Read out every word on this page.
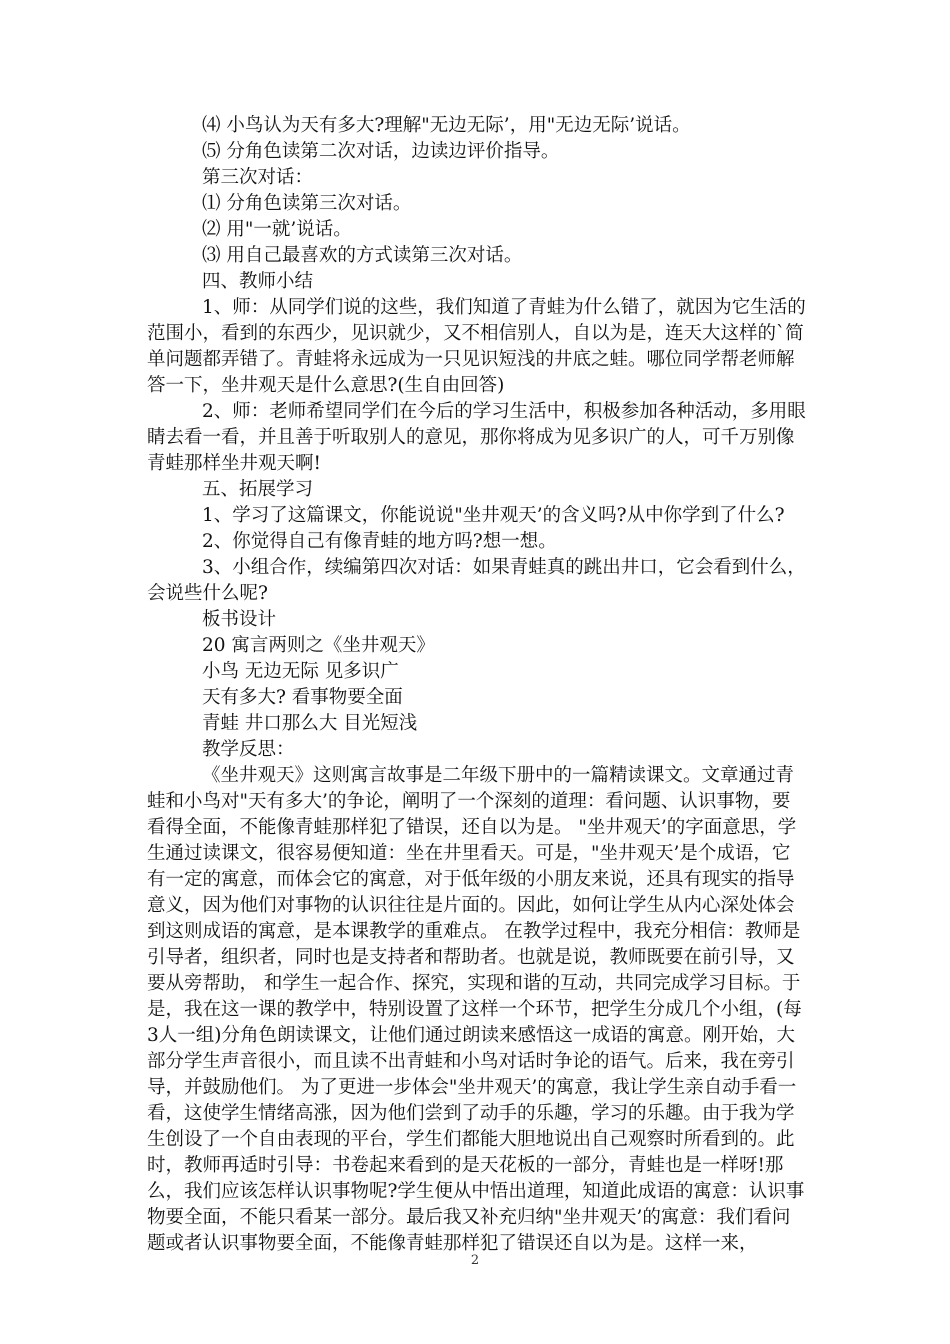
⑷ 小鸟认为天有多大?理解"无边无际’，用"无边无际’说话。

⑸ 分角色读第二次对话，边读边评价指导。

第三次对话：

⑴ 分角色读第三次对话。

⑵ 用"一就’说话。

⑶ 用自己最喜欢的方式读第三次对话。

四、教师小结

1、师：从同学们说的这些，我们知道了青蛙为什么错了，就因为它生活的范围小，看到的东西少，见识就少，又不相信别人，自以为是，连天大这样的`简单问题都弄错了。青蛙将永远成为一只见识短浅的井底之蛙。哪位同学帮老师解答一下，坐井观天是什么意思?(生自由回答)

2、师：老师希望同学们在今后的学习生活中，积极参加各种活动，多用眼睛去看一看，并且善于听取别人的意见，那你将成为见多识广的人，可千万别像青蛙那样坐井观天啊!

五、拓展学习

1、学习了这篇课文，你能说说"坐井观天’的含义吗?从中你学到了什么?

2、你觉得自己有像青蛙的地方吗?想一想。

3、小组合作，续编第四次对话：如果青蛙真的跳出井口，它会看到什么，会说些什么呢?

板书设计

20 寓言两则之《坐井观天》

小鸟 无边无际 见多识广

天有多大? 看事物要全面

青蛙 井口那么大 目光短浅

教学反思：

《坐井观天》这则寓言故事是二年级下册中的一篇精读课文。文章通过青蛙和小鸟对"天有多大’的争论，阐明了一个深刻的道理：看问题、认识事物，要看得全面，不能像青蛙那样犯了错误，还自以为是。 "坐井观天’的字面意思，学生通过读课文，很容易便知道：坐在井里看天。可是，"坐井观天’是个成语，它有一定的寓意，而体会它的寓意，对于低年级的小朋友来说，还具有现实的指导意义，因为他们对事物的认识往往是片面的。因此，如何让学生从内心深处体会到这则成语的寓意，是本课教学的重难点。 在教学过程中，我充分相信：教师是引导者，组织者，同时也是支持者和帮助者。也就是说，教师既要在前引导，又要从旁帮助， 和学生一起合作、探究，实现和谐的互动，共同完成学习目标。于是，我在这一课的教学中，特别设置了这样一个环节，把学生分成几个小组，(每3人一组)分角色朗读课文，让他们通过朗读来感悟这一成语的寓意。刚开始，大部分学生声音很小，而且读不出青蛙和小鸟对话时争论的语气。后来，我在旁引导，并鼓励他们。 为了更进一步体会"坐井观天’的寓意，我让学生亲自动手看一看，这使学生情绪高涨，因为他们尝到了动手的乐趣，学习的乐趣。由于我为学生创设了一个自由表现的平台，学生们都能大胆地说出自己观察时所看到的。此时，教师再适时引导：书卷起来看到的是天花板的一部分，青蛙也是一样呀!那么，我们应该怎样认识事物呢?学生便从中悟出道理，知道此成语的寓意：认识事物要全面，不能只看某一部分。最后我又补充归纳"坐井观天’的寓意：我们看问题或者认识事物要全面，不能像青蛙那样犯了错误还自以为是。这样一来，

2
